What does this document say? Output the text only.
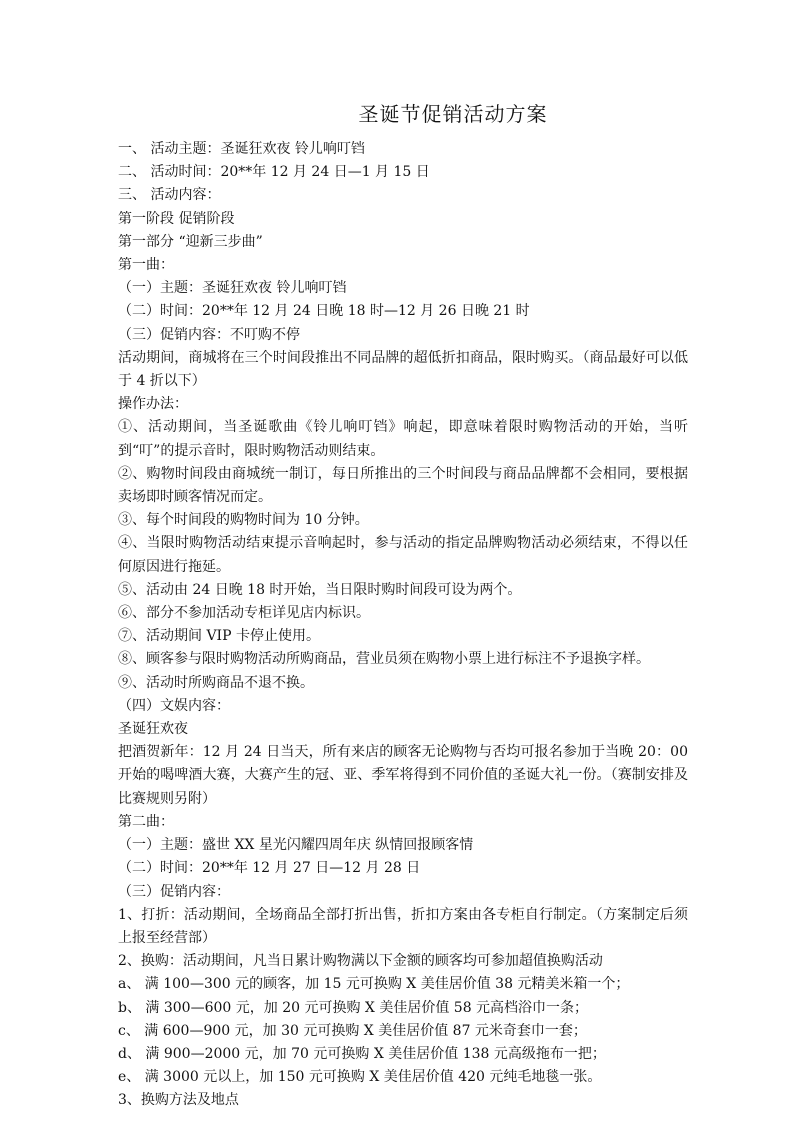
圣诞节促销活动方案
一、 活动主题：圣诞狂欢夜 铃儿响叮铛
二、 活动时间：20**年 12 月 24 日—1 月 15 日
三、 活动内容：
第一阶段 促销阶段
第一部分 “迎新三步曲”
第一曲：
（一）主题：圣诞狂欢夜 铃儿响叮铛
（二）时间：20**年 12 月 24 日晚 18 时—12 月 26 日晚 21 时
（三）促销内容：不叮购不停
活动期间，商城将在三个时间段推出不同品牌的超低折扣商品，限时购买。（商品最好可以低于 4 折以下）
操作办法：
①、活动期间，当圣诞歌曲《铃儿响叮铛》响起，即意味着限时购物活动的开始，当听到“叮”的提示音时，限时购物活动则结束。
②、购物时间段由商城统一制订，每日所推出的三个时间段与商品品牌都不会相同，要根据卖场即时顾客情况而定。
③、每个时间段的购物时间为 10 分钟。
④、当限时购物活动结束提示音响起时，参与活动的指定品牌购物活动必须结束，不得以任何原因进行拖延。
⑤、活动由 24 日晚 18 时开始，当日限时购时间段可设为两个。
⑥、部分不参加活动专柜详见店内标识。
⑦、活动期间 VIP 卡停止使用。
⑧、顾客参与限时购物活动所购商品，营业员须在购物小票上进行标注不予退换字样。
⑨、活动时所购商品不退不换。
（四）文娱内容：
圣诞狂欢夜
把酒贺新年：12 月 24 日当天，所有来店的顾客无论购物与否均可报名参加于当晚 20：00 开始的喝啤酒大赛，大赛产生的冠、亚、季军将得到不同价值的圣诞大礼一份。（赛制安排及比赛规则另附）
第二曲：
（一）主题：盛世 XX 星光闪耀四周年庆 纵情回报顾客情
（二）时间：20**年 12 月 27 日—12 月 28 日
（三）促销内容：
1、打折：活动期间，全场商品全部打折出售，折扣方案由各专柜自行制定。（方案制定后须上报至经营部）
2、换购：活动期间，凡当日累计购物满以下金额的顾客均可参加超值换购活动
a、 满 100—300 元的顾客，加 15 元可换购 X 美佳居价值 38 元精美米箱一个；
b、 满 300—600 元，加 20 元可换购 X 美佳居价值 58 元高档浴巾一条；
c、 满 600—900 元，加 30 元可换购 X 美佳居价值 87 元米奇套巾一套；
d、 满 900—2000 元，加 70 元可换购 X 美佳居价值 138 元高级拖布一把；
e、 满 3000 元以上，加 150 元可换购 X 美佳居价值 420 元纯毛地毯一张。
3、换购方法及地点
